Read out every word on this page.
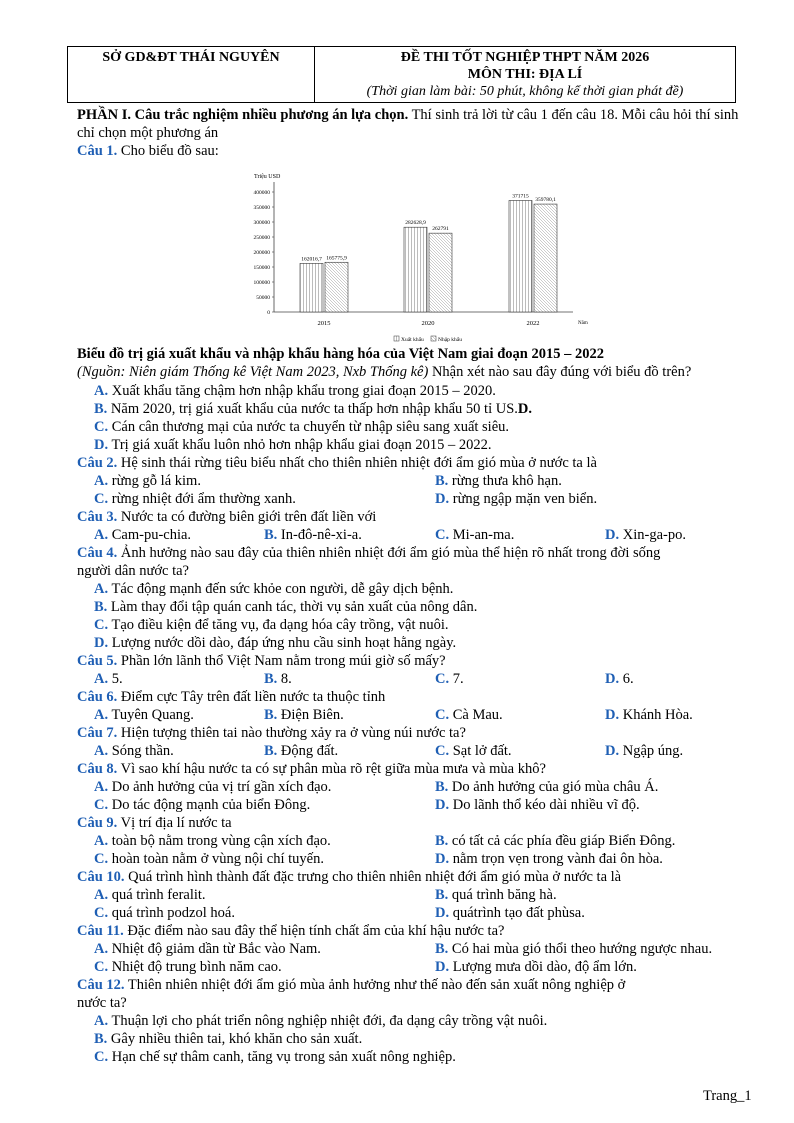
SỞ GD&ĐT THÁI NGUYÊN	ĐỀ THI TỐT NGHIỆP THPT NĂM 2026
MÔN THI: ĐỊA LÍ
(Thời gian làm bài: 50 phút, không kể thời gian phát đề)
PHẦN I. Câu trắc nghiệm nhiều phương án lựa chọn. Thí sinh trả lời từ câu 1 đến câu 18. Mỗi câu hỏi thí sinh chỉ chọn một phương án
Câu 1. Cho biểu đồ sau:
Triệu USD
Năm
0
50000
100000
150000
200000
250000
300000
350000
400000
2015
162016,7 165775,9
2020
282628,9
262791
2022
371715
359780,1
Xuất khẩu	Nhập khẩu
Biểu đồ trị giá xuất khẩu và nhập khẩu hàng hóa của Việt Nam giai đoạn 2015 – 2022
(Nguồn: Niên giám Thống kê Việt Nam 2023, Nxb Thống kê) Nhận xét nào sau đây đúng với biểu đồ trên?
A. Xuất khẩu tăng chậm hơn nhập khẩu trong giai đoạn 2015 – 2020.
B. Năm 2020, trị giá xuất khẩu của nước ta thấp hơn nhập khẩu 50 tỉ US.D.
C. Cán cân thương mại của nước ta chuyển từ nhập siêu sang xuất siêu.
D. Trị giá xuất khẩu luôn nhỏ hơn nhập khẩu giai đoạn 2015 – 2022.
Câu 2. Hệ sinh thái rừng tiêu biểu nhất cho thiên nhiên nhiệt đới ẩm gió mùa ở nước ta là
A. rừng gỗ lá kim.	B. rừng thưa khô hạn.
C. rừng nhiệt đới ẩm thường xanh.	D. rừng ngập mặn ven biển.
Câu 3. Nước ta có đường biên giới trên đất liền với
A. Cam-pu-chia.	B. In-đô-nê-xi-a.	C. Mi-an-ma.	D. Xin-ga-po.
Câu 4. Ảnh hưởng nào sau đây của thiên nhiên nhiệt đới ẩm gió mùa thể hiện rõ nhất trong đời sống
người dân nước ta?
A. Tác động mạnh đến sức khỏe con người, dễ gây dịch bệnh.
B. Làm thay đổi tập quán canh tác, thời vụ sản xuất của nông dân.
C. Tạo điều kiện để tăng vụ, đa dạng hóa cây trồng, vật nuôi.
D. Lượng nước dồi dào, đáp ứng nhu cầu sinh hoạt hằng ngày.
Câu 5. Phần lớn lãnh thổ Việt Nam nằm trong múi giờ số mấy?
A. 5.	B. 8.	C. 7.	D. 6.
Câu 6. Điểm cực Tây trên đất liền nước ta thuộc tỉnh
A. Tuyên Quang.	B. Điện Biên.	C. Cà Mau.	D. Khánh Hòa.
Câu 7. Hiện tượng thiên tai nào thường xảy ra ở vùng núi nước ta?
A. Sóng thần.	B. Động đất.	C. Sạt lở đất.	D. Ngập úng.
Câu 8. Vì sao khí hậu nước ta có sự phân mùa rõ rệt giữa mùa mưa và mùa khô?
A. Do ảnh hưởng của vị trí gần xích đạo.	B. Do ảnh hưởng của gió mùa châu Á.
C. Do tác động mạnh của biển Đông.	D. Do lãnh thổ kéo dài nhiều vĩ độ.
Câu 9. Vị trí địa lí nước ta
A. toàn bộ nằm trong vùng cận xích đạo.	B. có tất cả các phía đều giáp Biển Đông.
C. hoàn toàn nằm ở vùng nội chí tuyến.	D. nằm trọn vẹn trong vành đai ôn hòa.
Câu 10. Quá trình hình thành đất đặc trưng cho thiên nhiên nhiệt đới ẩm gió mùa ở nước ta là
A. quá trình feralit.	B. quá trình băng hà.
C. quá trình podzol hoá.	D. quátrình tạo đất phùsa.
Câu 11. Đặc điểm nào sau đây thể hiện tính chất ẩm của khí hậu nước ta?
A. Nhiệt độ giảm dần từ Bắc vào Nam.	B. Có hai mùa gió thổi theo hướng ngược nhau.
C. Nhiệt độ trung bình năm cao.	D. Lượng mưa dồi dào, độ ẩm lớn.
Câu 12. Thiên nhiên nhiệt đới ẩm gió mùa ảnh hưởng như thế nào đến sản xuất nông nghiệp ở
nước ta?
A. Thuận lợi cho phát triển nông nghiệp nhiệt đới, đa dạng cây trồng vật nuôi.
B. Gây nhiều thiên tai, khó khăn cho sản xuất.
C. Hạn chế sự thâm canh, tăng vụ trong sản xuất nông nghiệp.
Trang_1
